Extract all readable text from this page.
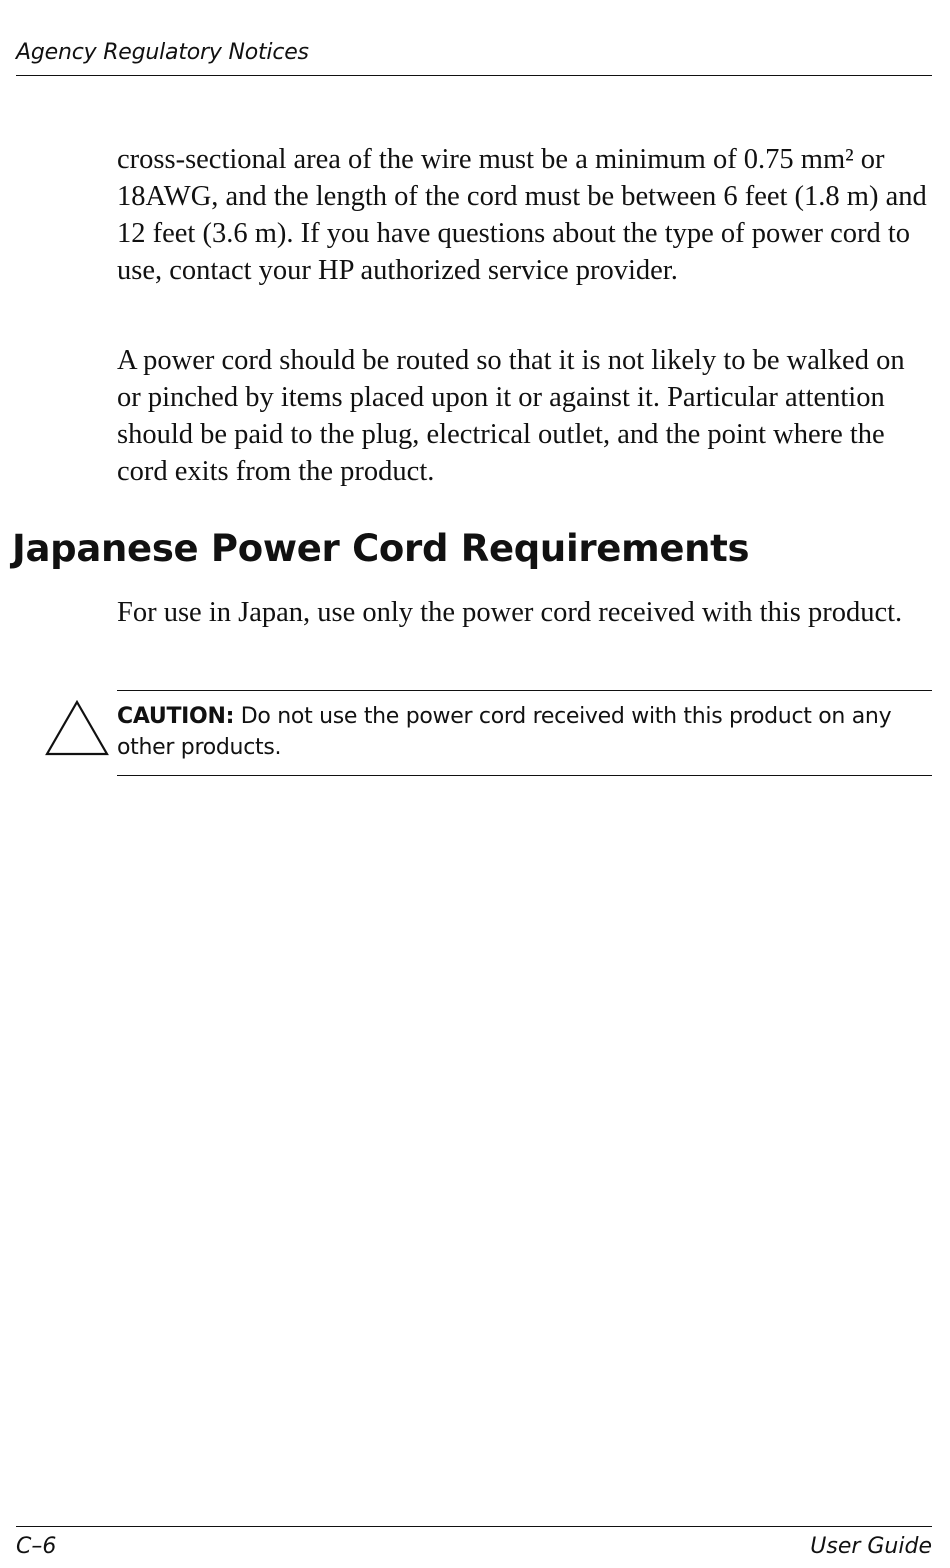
Agency Regulatory Notices

cross-sectional area of the wire must be a minimum of 0.75 mm² or 18AWG, and the length of the cord must be between 6 feet (1.8 m) and 12 feet (3.6 m). If you have questions about the type of power cord to use, contact your HP authorized service provider.

A power cord should be routed so that it is not likely to be walked on or pinched by items placed upon it or against it. Particular attention should be paid to the plug, electrical outlet, and the point where the cord exits from the product.

Japanese Power Cord Requirements

For use in Japan, use only the power cord received with this product.

CAUTION: Do not use the power cord received with this product on any other products.

C–6	User Guide
